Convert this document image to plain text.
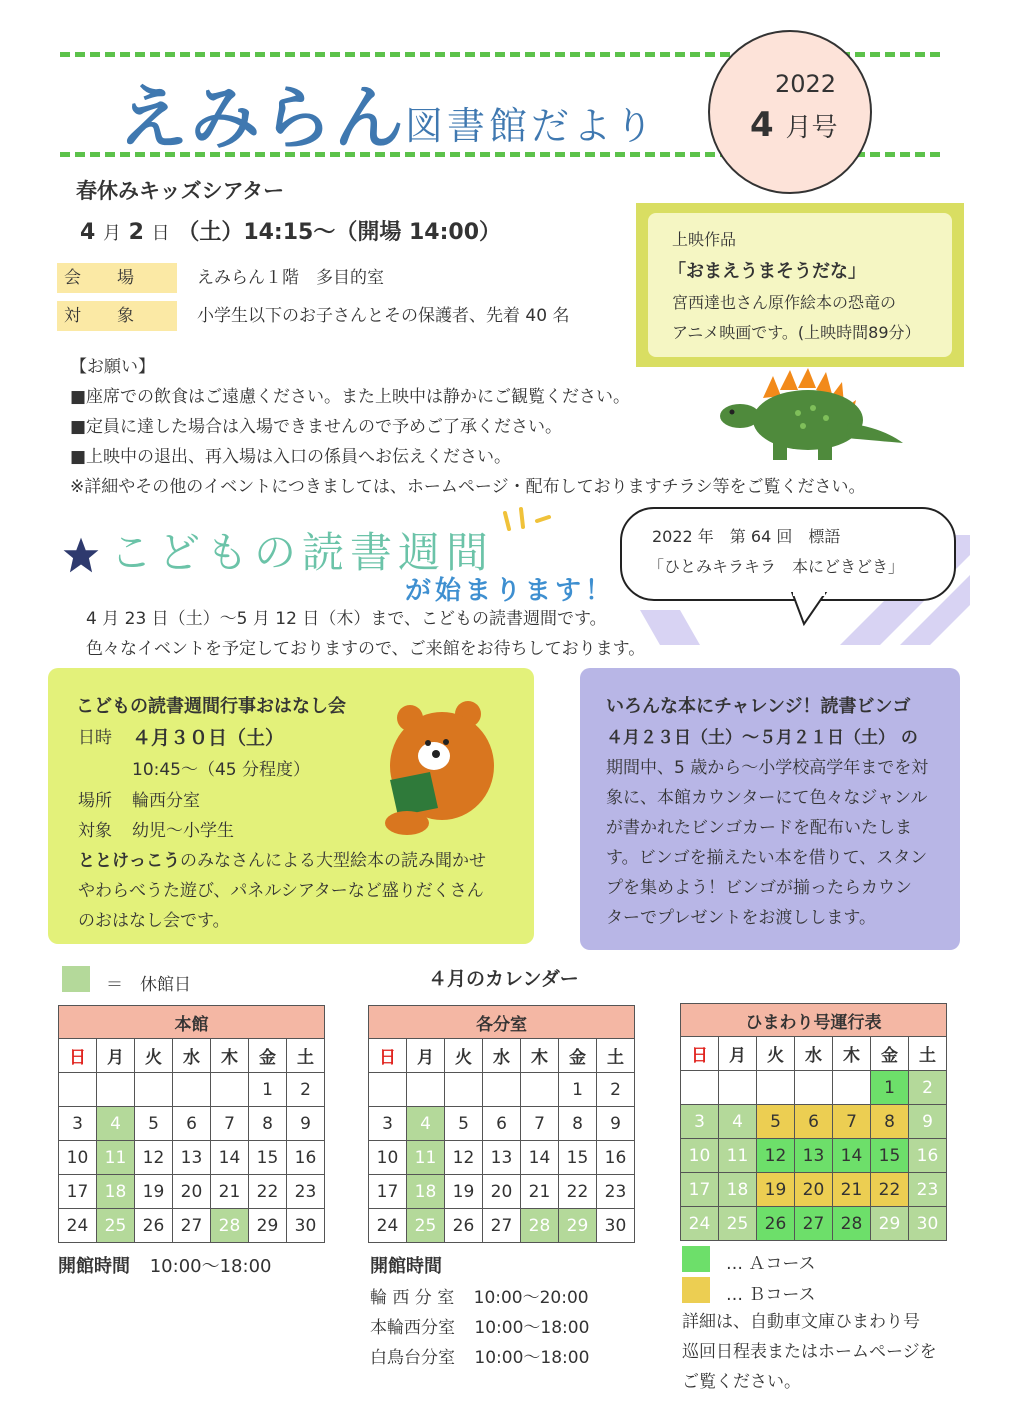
えみらん 図書館だより
2022
4 月号
春休みキッズシアター
4 月 2 日 （土）14:15～（開場 14:00）
会場	えみらん１階　多目的室
対象	小学生以下のお子さんとその保護者、先着 40 名
上映作品
「おまえうまそうだな」
宮西達也さん原作絵本の恐竜の
アニメ映画です。(上映時間89分）
【お願い】
■座席での飲食はご遠慮ください。また上映中は静かにご観覧ください。
■定員に達した場合は入場できませんので予めご了承ください。
■上映中の退出、再入場は入口の係員へお伝えください。
※詳細やその他のイベントにつきましては、ホームページ・配布しておりますチラシ等をご覧ください。
こどもの読書週間
が始まります！
2022 年　第 64 回　標語
「ひとみキラキラ　本にどきどき」
4 月 23 日（土）～5 月 12 日（木）まで、こどもの読書週間です。
色々なイベントを予定しておりますので、ご来館をお待ちしております。
こどもの読書週間行事おはなし会
日時 ４月３０日（土）
10:45～（45 分程度）
場所 輪西分室
対象 幼児～小学生
ととけっこうのみなさんによる大型絵本の読み聞かせ
やわらべうた遊び、パネルシアターなど盛りだくさん
のおはなし会です。
いろんな本にチャレンジ！読書ビンゴ
４月２３日（土）～５月２１日（土） の
期間中、5 歳から～小学校高学年までを対
象に、本館カウンターにて色々なジャンル
が書かれたビンゴカードを配布いたしま
す。ビンゴを揃えたい本を借りて、スタン
プを集めよう！ビンゴが揃ったらカウン
ターでプレゼントをお渡しします。
＝　休館日	４月のカレンダー
本館						
日	月	火	水	木	金	土
					1	2
3	4	5	6	7	8	9
10	11	12	13	14	15	16
17	18	19	20	21	22	23
24	25	26	27	28	29	30
開館時間 10:00～18:00
各分室						
日	月	火	水	木	金	土
					1	2
3	4	5	6	7	8	9
10	11	12	13	14	15	16
17	18	19	20	21	22	23
24	25	26	27	28	29	30
開館時間
輪 西 分 室 10:00～20:00
本輪西分室 10:00～18:00
白鳥台分室 10:00～18:00
ひまわり号運行表						
日	月	火	水	木	金	土
					1	2
3	4	5	6	7	8	9
10	11	12	13	14	15	16
17	18	19	20	21	22	23
24	25	26	27	28	29	30
… Ａコース
… Ｂコース
詳細は、自動車文庫ひまわり号
巡回日程表またはホームページを
ご覧ください。
